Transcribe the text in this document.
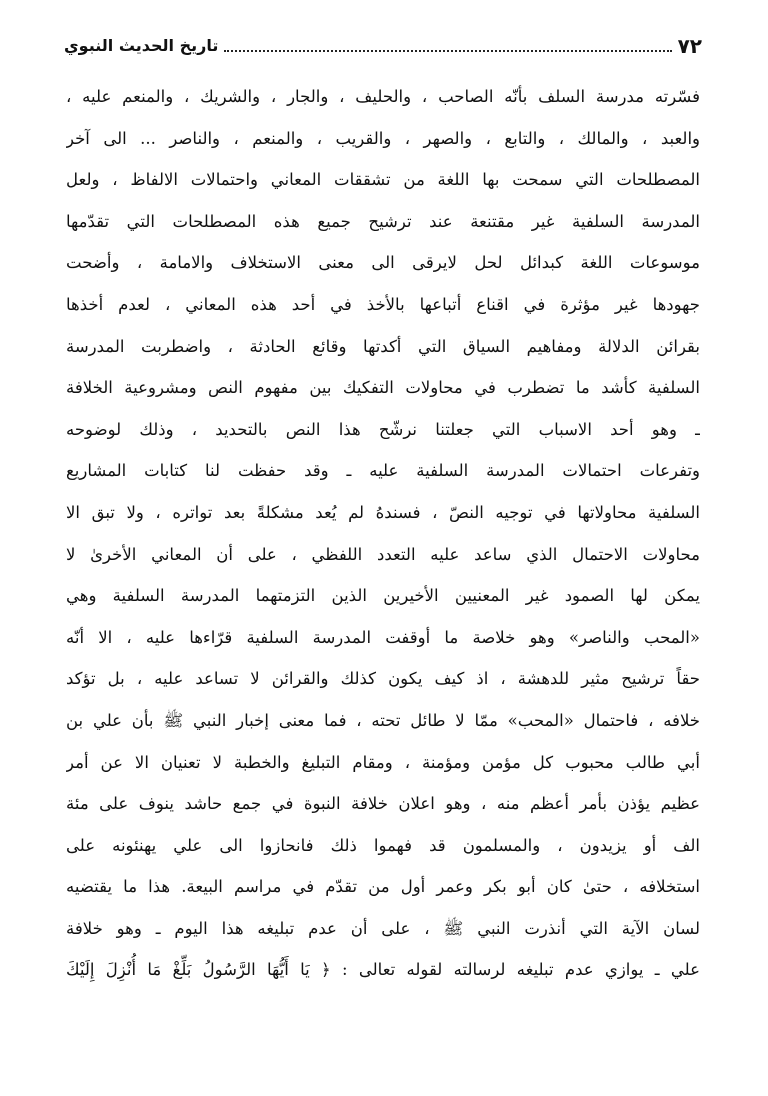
٧٢
تاريخ الحديث النبوي
فسّرته مدرسة السلف بأنّه الصاحب ، والحليف ، والجار ، والشريك ، والمنعم عليه ،
والعبد ، والمالك ، والتابع ، والصهر ، والقريب ، والمنعم ، والناصر ... الى آخر
المصطلحات التي سمحت بها اللغة من تشققات المعاني واحتمالات الالفاظ ، ولعل
المدرسة السلفية غير مقتنعة عند ترشيح جميع هذه المصطلحات التي تقدّمها
موسوعات اللغة كبدائل لحل لايرقى الى معنى الاستخلاف والامامة ، وأضحت
جهودها غير مؤثرة في اقناع أتباعها بالأخذ في أحد هذه المعاني ، لعدم أخذها
بقرائن الدلالة ومفاهيم السياق التي أكدتها وقائع الحادثة ، واضطربت المدرسة
السلفية كأشد ما تضطرب في محاولات التفكيك بين مفهوم النص ومشروعية الخلافة
ـ وهو أحد الاسباب التي جعلتنا نرشّح هذا النص بالتحديد ، وذلك لوضوحه
وتفرعات احتمالات المدرسة السلفية عليه ـ وقد حفظت لنا كتابات المشاريع
السلفية محاولاتها في توجيه النصّ ، فسندهُ لم يُعد مشكلةً بعد تواتره ، ولا تبق الا
محاولات الاحتمال الذي ساعد عليه التعدد اللفظي ، على أن المعاني الأخرىٰ لا
يمكن لها الصمود غير المعنيين الأخيرين الذين التزمتهما المدرسة السلفية وهي
«المحب والناصر» وهو خلاصة ما أوقفت المدرسة السلفية قرّاءها عليه ، الا أنّه
حقاً ترشيح مثير للدهشة ، اذ كيف يكون كذلك والقرائن لا تساعد عليه ، بل تؤكد
خلافه ، فاحتمال «المحب» ممّا لا طائل تحته ، فما معنى إخبار النبي ﷺ بأن علي بن
أبي طالب محبوب كل مؤمن ومؤمنة ، ومقام التبليغ والخطبة لا تعنيان الا عن أمر
عظيم يؤذن بأمر أعظم منه ، وهو اعلان خلافة النبوة في جمع حاشد ينوف على مئة
الف أو يزيدون ، والمسلمون قد فهموا ذلك فانحازوا الى علي يهنئونه على
استخلافه ، حتىٰ كان أبو بكر وعمر أول من تقدّم في مراسم البيعة. هذا ما يقتضيه
لسان الآية التي أنذرت النبي ﷺ ، على أن عدم تبليغه هذا اليوم ـ وهو خلافة
علي ـ يوازي عدم تبليغه لرسالته لقوله تعالى : ﴿ يَا أَيُّهَا الرَّسُولُ بَلِّغْ مَا أُنْزِلَ إِلَيْكَ
